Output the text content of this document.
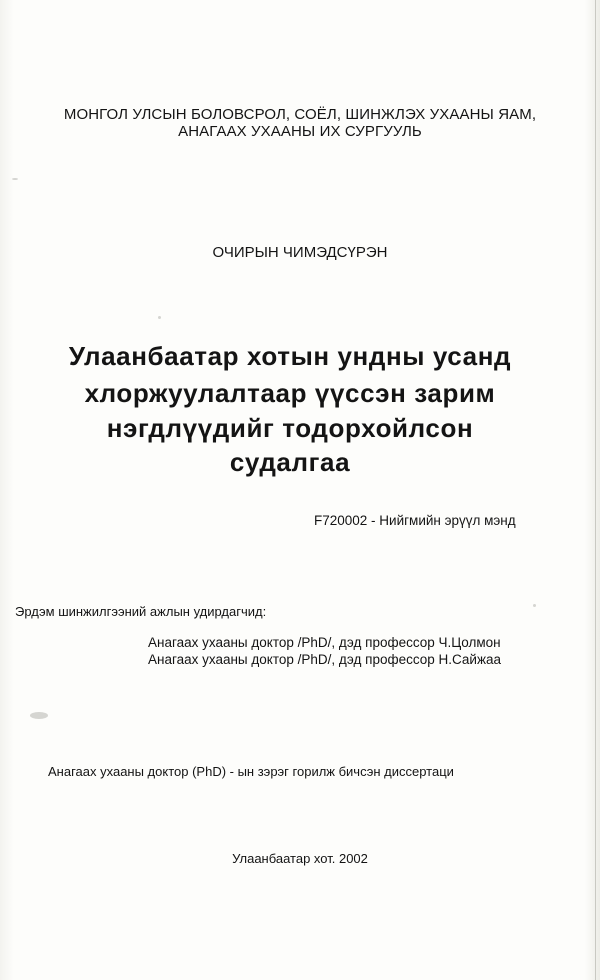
МОНГОЛ УЛСЫН БОЛОВСРОЛ, СОЁЛ, ШИНЖЛЭХ УХААНЫ ЯАМ,
АНАГААХ УХААНЫ ИХ СУРГУУЛЬ
ОЧИРЫН ЧИМЭДСҮРЭН
Улаанбаатар хотын ундны усанд
хлоржуулалтаар үүссэн зарим
нэгдлүүдийг тодорхойлсон
судалгаа
F720002 - Нийгмийн эрүүл мэнд
Эрдэм шинжилгээний ажлын удирдагчид:
Анагаах ухааны доктор /PhD/, дэд профессор Ч.Цолмон
Анагаах ухааны доктор /PhD/, дэд профессор Н.Сайжаа
Анагаах ухааны доктор (PhD) - ын зэрэг горилж бичсэн диссертаци
Улаанбаатар хот. 2002
